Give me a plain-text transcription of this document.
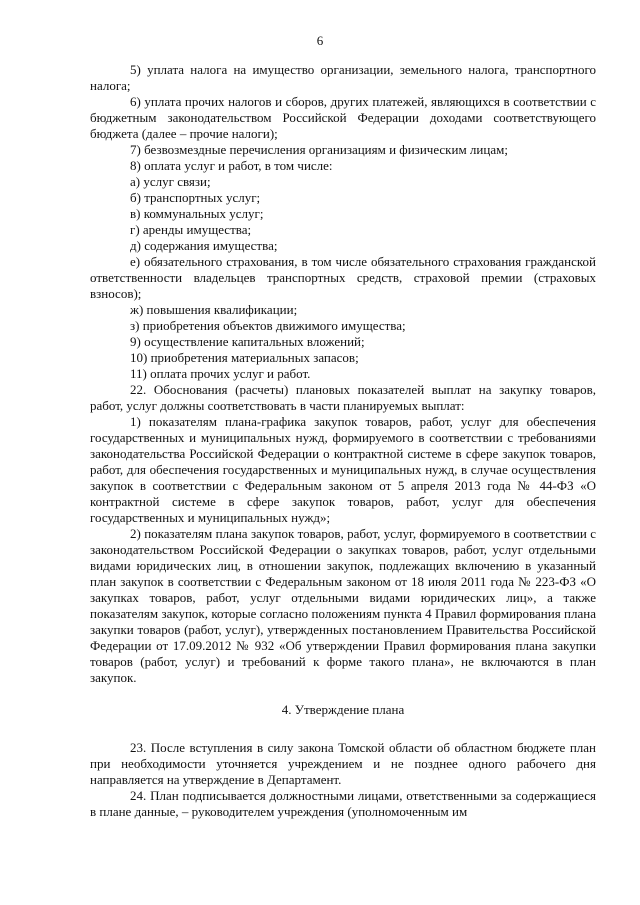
6

5) уплата налога на имущество организации, земельного налога, транспортного налога;

6) уплата прочих налогов и сборов, других платежей, являющихся в соответствии с бюджетным законодательством Российской Федерации доходами соответствующего бюджета (далее – прочие налоги);

7) безвозмездные перечисления организациям и физическим лицам;

8) оплата услуг и работ, в том числе:

а) услуг связи;

б) транспортных услуг;

в) коммунальных услуг;

г) аренды имущества;

д) содержания имущества;

е) обязательного страхования, в том числе обязательного страхования гражданской ответственности владельцев транспортных средств, страховой премии (страховых взносов);

ж) повышения квалификации;

з) приобретения объектов движимого имущества;

9) осуществление капитальных вложений;

10) приобретения материальных запасов;

11) оплата прочих услуг и работ.

22. Обоснования (расчеты) плановых показателей выплат на закупку товаров, работ, услуг должны соответствовать в части планируемых выплат:

1) показателям плана-графика закупок товаров, работ, услуг для обеспечения государственных и муниципальных нужд, формируемого в соответствии с требованиями законодательства Российской Федерации о контрактной системе в сфере закупок товаров, работ, для обеспечения государственных и муниципальных нужд, в случае осуществления закупок в соответствии с Федеральным законом от 5 апреля 2013 года № 44-ФЗ «О контрактной системе в сфере закупок товаров, работ, услуг для обеспечения государственных и муниципальных нужд»;

2) показателям плана закупок товаров, работ, услуг, формируемого в соответствии с законодательством Российской Федерации о закупках товаров, работ, услуг отдельными видами юридических лиц, в отношении закупок, подлежащих включению в указанный план закупок в соответствии с Федеральным законом от 18 июля 2011 года № 223-ФЗ «О закупках товаров, работ, услуг отдельными видами юридических лиц», а также показателям закупок, которые согласно положениям пункта 4 Правил формирования плана закупки товаров (работ, услуг), утвержденных постановлением Правительства Российской Федерации от 17.09.2012 № 932 «Об утверждении Правил формирования плана закупки товаров (работ, услуг) и требований к форме такого плана», не включаются в план закупок.

4. Утверждение плана

23. После вступления в силу закона Томской области об областном бюджете план при необходимости уточняется учреждением и не позднее одного рабочего дня направляется на утверждение в Департамент.

24. План подписывается должностными лицами, ответственными за содержащиеся в плане данные, – руководителем учреждения (уполномоченным им
